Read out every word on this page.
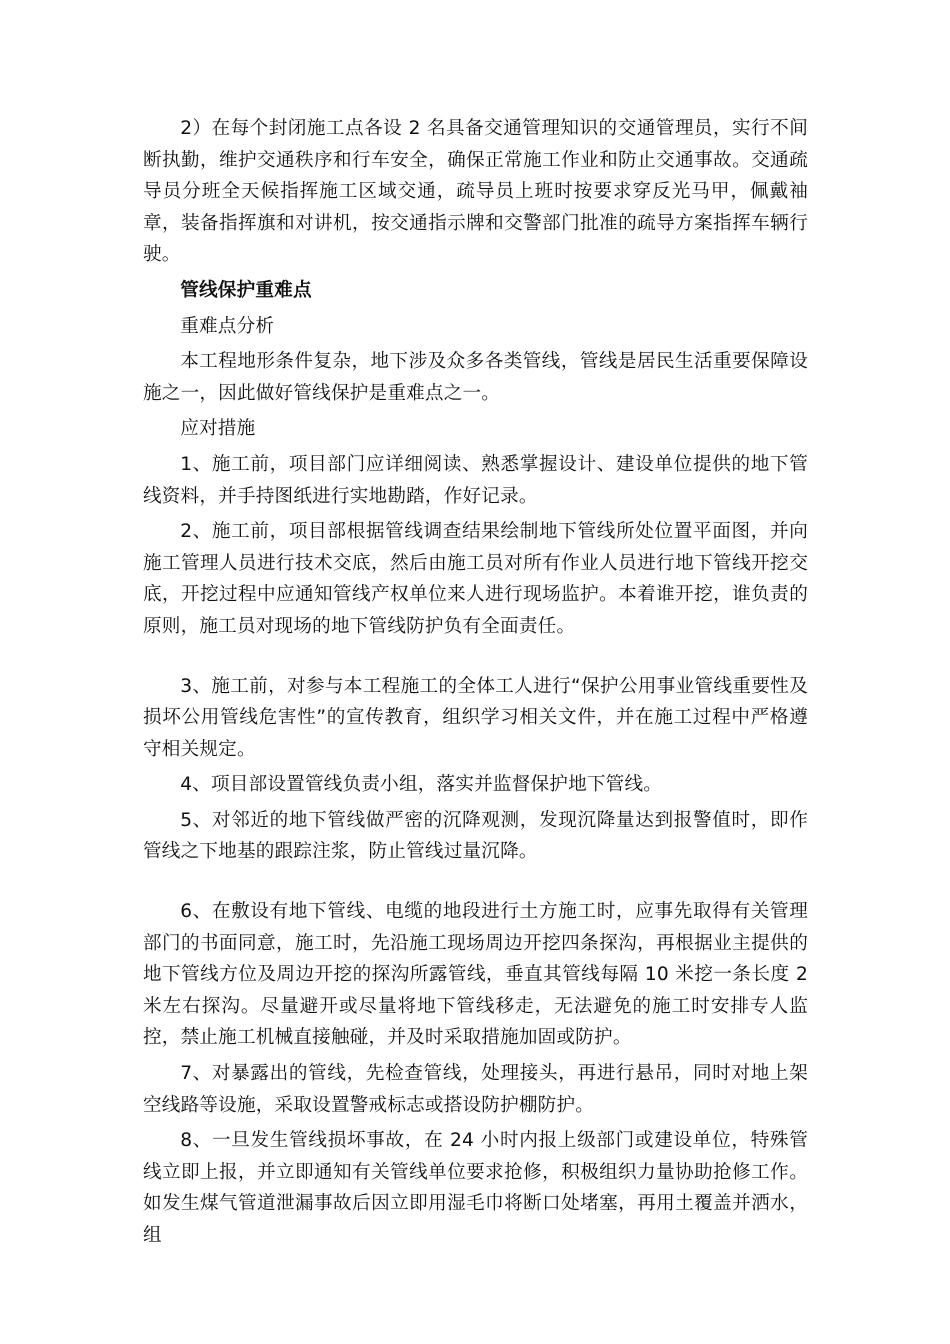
2）在每个封闭施工点各设 2 名具备交通管理知识的交通管理员，实行不间断执勤，维护交通秩序和行车安全，确保正常施工作业和防止交通事故。交通疏导员分班全天候指挥施工区域交通，疏导员上班时按要求穿反光马甲，佩戴袖章，装备指挥旗和对讲机，按交通指示牌和交警部门批准的疏导方案指挥车辆行驶。

管线保护重难点

重难点分析

本工程地形条件复杂，地下涉及众多各类管线，管线是居民生活重要保障设施之一，因此做好管线保护是重难点之一。

应对措施

1、施工前，项目部门应详细阅读、熟悉掌握设计、建设单位提供的地下管线资料，并手持图纸进行实地勘踏，作好记录。

2、施工前，项目部根据管线调查结果绘制地下管线所处位置平面图，并向施工管理人员进行技术交底，然后由施工员对所有作业人员进行地下管线开挖交底，开挖过程中应通知管线产权单位来人进行现场监护。本着谁开挖，谁负责的原则，施工员对现场的地下管线防护负有全面责任。

3、施工前，对参与本工程施工的全体工人进行“保护公用事业管线重要性及损坏公用管线危害性”的宣传教育，组织学习相关文件，并在施工过程中严格遵守相关规定。

4、项目部设置管线负责小组，落实并监督保护地下管线。

5、对邻近的地下管线做严密的沉降观测，发现沉降量达到报警值时，即作管线之下地基的跟踪注浆，防止管线过量沉降。

6、在敷设有地下管线、电缆的地段进行土方施工时，应事先取得有关管理部门的书面同意，施工时，先沿施工现场周边开挖四条探沟，再根据业主提供的地下管线方位及周边开挖的探沟所露管线，垂直其管线每隔 10 米挖一条长度 2 米左右探沟。尽量避开或尽量将地下管线移走，无法避免的施工时安排专人监控，禁止施工机械直接触碰，并及时采取措施加固或防护。

7、对暴露出的管线，先检查管线，处理接头，再进行悬吊，同时对地上架空线路等设施，采取设置警戒标志或搭设防护棚防护。

8、一旦发生管线损坏事故，在 24 小时内报上级部门或建设单位，特殊管线立即上报，并立即通知有关管线单位要求抢修，积极组织力量协助抢修工作。如发生煤气管道泄漏事故后因立即用湿毛巾将断口处堵塞，再用土覆盖并洒水，组
